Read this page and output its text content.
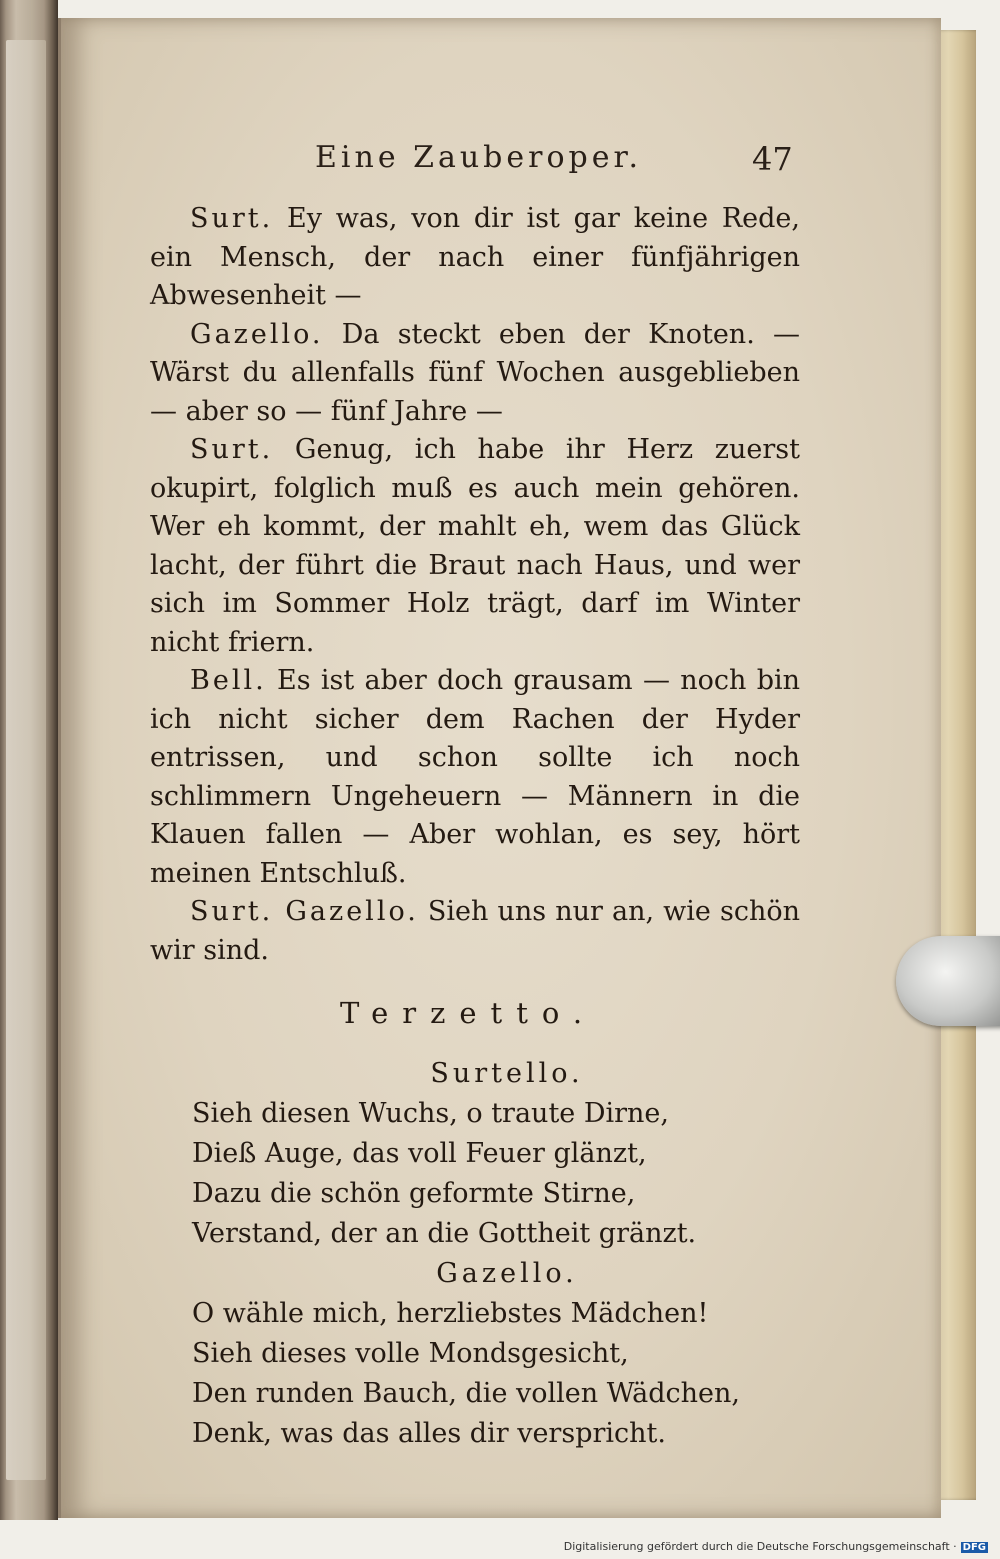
Eine Zauberoper.	47

Surt. Ey was, von dir ist gar keine Rede, ein Mensch, der nach einer fünfjährigen Abwesenheit —

Gazello. Da steckt eben der Knoten. — Wärst du allenfalls fünf Wochen ausgeblieben — aber so — fünf Jahre —

Surt. Genug, ich habe ihr Herz zuerst okupirt, folglich muß es auch mein gehören. Wer eh kommt, der mahlt eh, wem das Glück lacht, der führt die Braut nach Haus, und wer sich im Sommer Holz trägt, darf im Winter nicht friern.

Bell. Es ist aber doch grausam — noch bin ich nicht sicher dem Rachen der Hyder entrissen, und schon sollte ich noch schlimmern Ungeheuern — Männern in die Klauen fallen — Aber wohlan, es sey, hört meinen Entschluß.

Surt. Gazello. Sieh uns nur an, wie schön wir sind.

Terzetto.
Surtello.

Sieh diesen Wuchs, o traute Dirne,

Dieß Auge, das voll Feuer glänzt,

Dazu die schön geformte Stirne,

Verstand, der an die Gottheit gränzt.

Gazello.

O wähle mich, herzliebstes Mädchen!

Sieh dieses volle Mondsgesicht,

Den runden Bauch, die vollen Wädchen,

Denk, was das alles dir verspricht.

Digitalisierung gefördert durch die Deutsche Forschungsgemeinschaft · DFG
